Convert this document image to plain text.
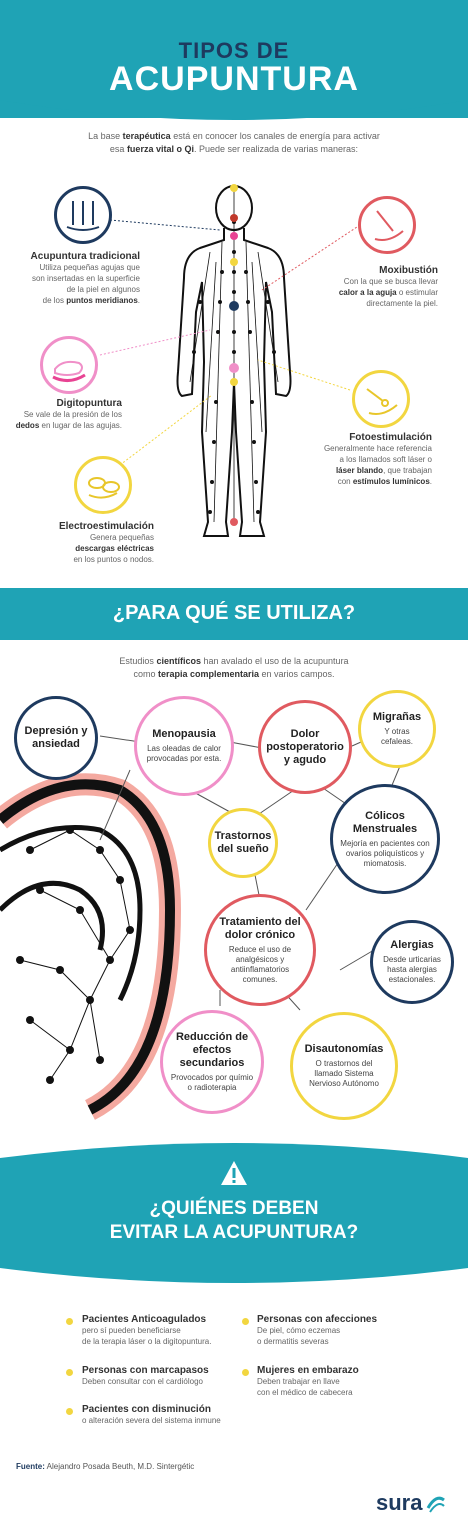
TIPOS DE
ACUPUNTURA
La base terapéutica está en conocer los canales de energía para activar
esa fuerza vital o Qi. Puede ser realizada de varias maneras:
Acupuntura tradicional
Utiliza pequeñas agujas que
son insertadas en la superficie
de la piel en algunos
de los puntos meridianos.
Digitopuntura
Se vale de la presión de los
dedos en lugar de las agujas.
Electroestimulación
Genera pequeñas
descargas eléctricas
en los puntos o nodos.
Moxibustión
Con la que se busca llevar
calor a la aguja o estimular
directamente la piel.
Fotoestimulación
Generalmente hace referencia
a los llamados soft láser o
láser blando, que trabajan
con estímulos lumínicos.
¿PARA QUÉ SE UTILIZA?
Estudios científicos han avalado el uso de la acupuntura
como terapia complementaria en varios campos.
Depresión y ansiedad
Menopausia
Las oleadas de calor provocadas por esta.
Dolor postoperatorio y agudo
Migrañas
Y otras cefaleas.
Trastornos del sueño
Cólicos Menstruales
Mejoría en pacientes con ovarios poliquísticos y miomatosis.
Tratamiento del dolor crónico
Reduce el uso de analgésicos y antiinflamatorios comunes.
Alergias
Desde urticarias hasta alergias estacionales.
Reducción de efectos secundarios
Provocados por químio o radioterapia
Disautonomías
O trastornos del llamado Sistema Nervioso Autónomo
¿QUIÉNES DEBEN
EVITAR LA ACUPUNTURA?
Pacientes Anticoagulados
pero sí pueden beneficiarse
de la terapia láser o la digitopuntura.
Personas con marcapasos
Deben consultar con el cardiólogo
Pacientes con disminución
o alteración severa del sistema inmune
Personas con afecciones
De piel, cómo eczemas
o dermatitis severas
Mujeres en embarazo
Deben trabajar en llave
con el médico de cabecera
Fuente: Alejandro Posada Beuth, M.D. Sintergétic
sura
